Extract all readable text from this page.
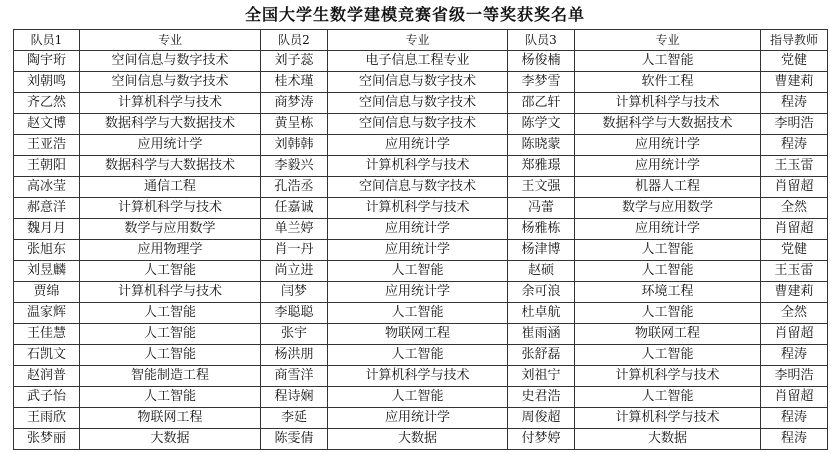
全国大学生数学建模竞赛省级一等奖获奖名单
队员1	专业	队员2	专业	队员3	专业	指导教师
陶宇珩	空间信息与数字技术	刘子蕊	电子信息工程专业	杨俊楠	人工智能	党健
刘朝鸣	空间信息与数字技术	桂术瑾	空间信息与数字技术	李梦雪	软件工程	曹建莉
齐乙然	计算机科学与技术	商梦涛	空间信息与数字技术	邵乙轩	计算机科学与技术	程涛
赵文博	数据科学与大数据技术	黄呈栋	空间信息与数字技术	陈学文	数据科学与大数据技术	李明浩
王亚浩	应用统计学	刘韩韩	应用统计学	陈晓蒙	应用统计学	程涛
王朝阳	数据科学与大数据技术	李毅兴	计算机科学与技术	郑雅璟	应用统计学	王玉雷
高冰莹	通信工程	孔浩丞	空间信息与数字技术	王文强	机器人工程	肖留超
郝意洋	计算机科学与技术	任嘉诚	计算机科学与技术	冯蕾	数学与应用数学	全然
魏月月	数学与应用数学	单兰婷	应用统计学	杨雅栋	应用统计学	肖留超
张旭东	应用物理学	肖一丹	应用统计学	杨津博	人工智能	党健
刘昱麟	人工智能	尚立进	人工智能	赵硕	人工智能	王玉雷
贾绵	计算机科学与技术	闫梦	应用统计学	余可浪	环境工程	曹建莉
温家辉	人工智能	李聪聪	人工智能	杜卓航	人工智能	全然
王佳慧	人工智能	张宇	物联网工程	崔雨涵	物联网工程	肖留超
石凯文	人工智能	杨洪朋	人工智能	张舒磊	人工智能	程涛
赵润普	智能制造工程	商雪洋	计算机科学与技术	刘祖宁	计算机科学与技术	李明浩
武子怡	人工智能	程诗娴	人工智能	史君浩	人工智能	肖留超
王雨欣	物联网工程	李延	应用统计学	周俊超	计算机科学与技术	程涛
张梦丽	大数据	陈雯倩	大数据	付梦婷	大数据	程涛
